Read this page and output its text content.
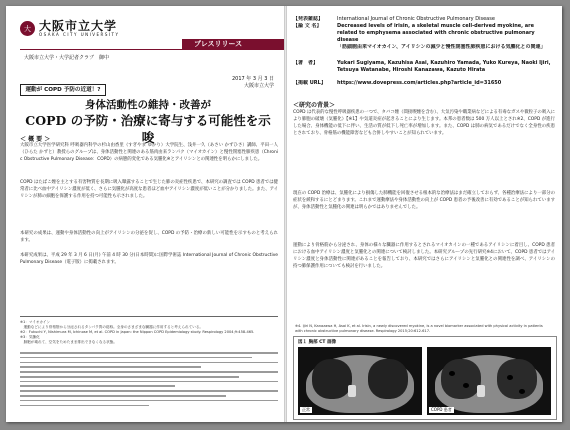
大 大阪市立大学
OSAKA CITY UNIVERSITY
プレスリリース
大阪市立大学・大学記者クラブ　御中
2017 年 3 月 3 日
大阪市立大学
運動が COPD 予防の近道！?
身体活動性の維持・改善が
COPD の予防・治療に寄与する可能性を示唆
＜ 概 要 ＞
大阪市立大学医学研究科 呼吸器内科学の杉山由香里（すぎやま ゆかり）大学院生、浅井一久（あさい かずひさ）講師、平田一人（ひらた かずと）教授らのグループは、身体活動性と関連のある筋肉由来ランパク（マイオカイン）と慢性閉塞性肺疾患（Chronic Obstructive Pulmonary Disease：COPD）の病態的変化である気腫化※とアイリシンとの関連性を明らかにしました。
COPD はたばこ煙を主とする有害物質を長期に吸入曝露することで生じた肺の炎症性疾患で、本研究の調査では COPD 患者では健常者に比べ血中アイリシン濃度が低く、さらに気腫化が高度な患者ほど血中アイリシン濃度が低いことが分かりました。また、アイリシンが肺の細胞を保護する作用を持つ可能性も示されました。
本研究の成果は、運動や身体活動性の向上がアイリシンの分泌を促し、COPD の予防・治療の新しい可能性を示すものと考えられます。
本研究成果は、平成 29 年 3 月 6 日(月) 午前 4 時 30 分(日本時間)に国際学術誌 International Journal of Chronic Obstructive Pulmonary Disease（電子版）に掲載されます。
※1：マイオカイン
　運動などにより骨格筋から分泌されるタンパク質の総称。全身のさまざまな臓器に作用すると考えられている。
※2：Fukuchi Y, Nishimura M, Ichinose M, et al. COPD in Japan: the Nippon COPD Epidemiology study. Respirology 2004;9:458-465.
※3：気腫化
　肺胞が壊れて、空気をためたまま排出できなくなる状態。
【発表雑誌】	International Journal of Chronic Obstructive Pulmonary Disease
【論 文 名】	Decreased levels of irisin, a skeletal muscle cell-derived myokine, are related to emphysema associated with chronic obstructive pulmonary disease
「筋細胞由来マイオカイン、アイリシンの減少と慢性閉塞性肺疾患における気腫化との関連」
【著　者】	Yukari Sugiyama, Kazuhisa Asai, Kazuhiro Yamada, Yuko Kureya, Naoki Ijiri, Tetsuya Watanabe, Hiroshi Kanazawa, Kazuto Hirata
【掲載 URL】	https://www.dovepress.com/articles.php?article_id=31650
＜研究の背景＞
COPD は代表的な慢性呼吸器疾患の一つで、タバコ煙（間接喫煙を含む）、大気汚染や職業病などによる有毒なガスや微粒子の吸入により肺胞の破壊（気腫化）【※1】や気道炎症が起きることにより生じます。本邦の患者数は 500 万人以上とされ※2、COPD が進行した場合、身体機能の低下に伴い、生活の質が低下し死亡率が増加します。また、COPD は肺の病気であるだけでなく全身性の疾患とされており、骨格筋の機能障害なども合併しやすいことが知られています。
現在の COPD 治療は、気腫化により損傷した肺機能を回復させる根本的な治療法はまだ確立しておらず、各種治療法により一部分の症状を緩和するにとどまります。これまで運動療法や身体活動性の向上が COPD 患者の予後改善に有効であることが知られていますが、身体活動性と気腫化の関連は明らかではありませんでした。
運動により骨格筋から分泌され、身体の様々な臓器に作用するとされるマイオカインの一種であるアイリシンに着目し、COPD 患者における血中アイリシン濃度と気腫化との関連について検討しました。本研究グループの先行研究※4において、COPD 患者ではアイリシン濃度と身体活動性に関連があることを報告しており、本研究ではさらにアイリシンと気腫化との関連性を調べ、アイリシンの持つ肺保護作用についても検討を行いました。
※4. Ijiri N, Kanazawa H, Asai K, et al. Irisin, a newly discovered myokine, is a novel biomarker associated with physical activity in patients with chronic obstructive pulmonary disease. Respirology 2015;20:612-617.
図１ 胸部 CT 画像
正常	COPD 患者
